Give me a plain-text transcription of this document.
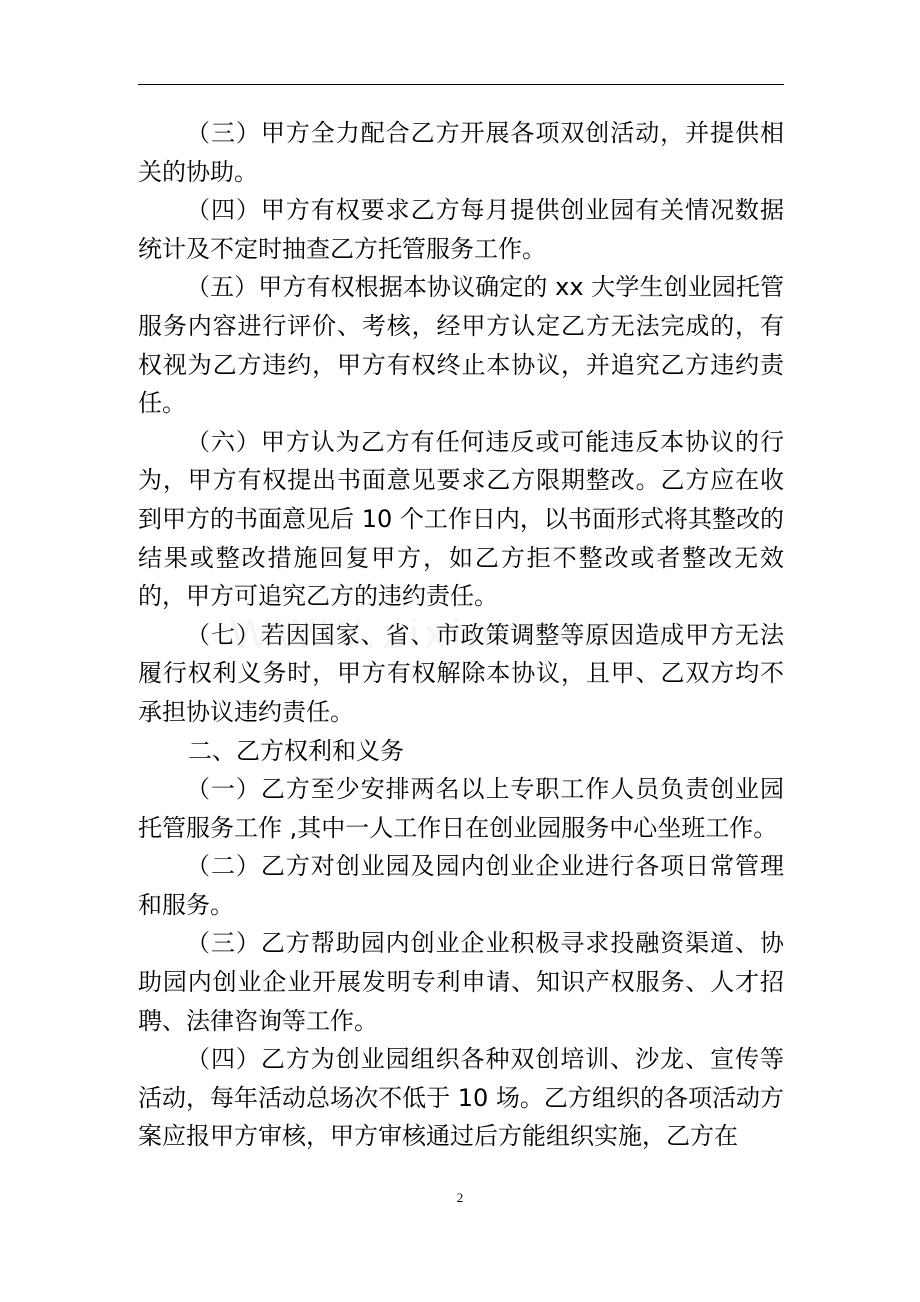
（三）甲方全力配合乙方开展各项双创活动，并提供相关的协助。

（四）甲方有权要求乙方每月提供创业园有关情况数据统计及不定时抽查乙方托管服务工作。

（五）甲方有权根据本协议确定的 xx 大学生创业园托管服务内容进行评价、考核，经甲方认定乙方无法完成的，有权视为乙方违约，甲方有权终止本协议，并追究乙方违约责任。

（六）甲方认为乙方有任何违反或可能违反本协议的行为，甲方有权提出书面意见要求乙方限期整改。乙方应在收到甲方的书面意见后 10 个工作日内，以书面形式将其整改的结果或整改措施回复甲方，如乙方拒不整改或者整改无效的，甲方可追究乙方的违约责任。

（七）若因国家、省、市政策调整等原因造成甲方无法履行权利义务时，甲方有权解除本协议，且甲、乙双方均不承担协议违约责任。

二、乙方权利和义务

（一）乙方至少安排两名以上专职工作人员负责创业园托管服务工作 ,其中一人工作日在创业园服务中心坐班工作。

（二）乙方对创业园及园内创业企业进行各项日常管理和服务。

（三）乙方帮助园内创业企业积极寻求投融资渠道、协助园内创业企业开展发明专利申请、知识产权服务、人才招聘、法律咨询等工作。

（四）乙方为创业园组织各种双创培训、沙龙、宣传等活动，每年活动总场次不低于 10 场。乙方组织的各项活动方案应报甲方审核，甲方审核通过后方能组织实施，乙方在

2
